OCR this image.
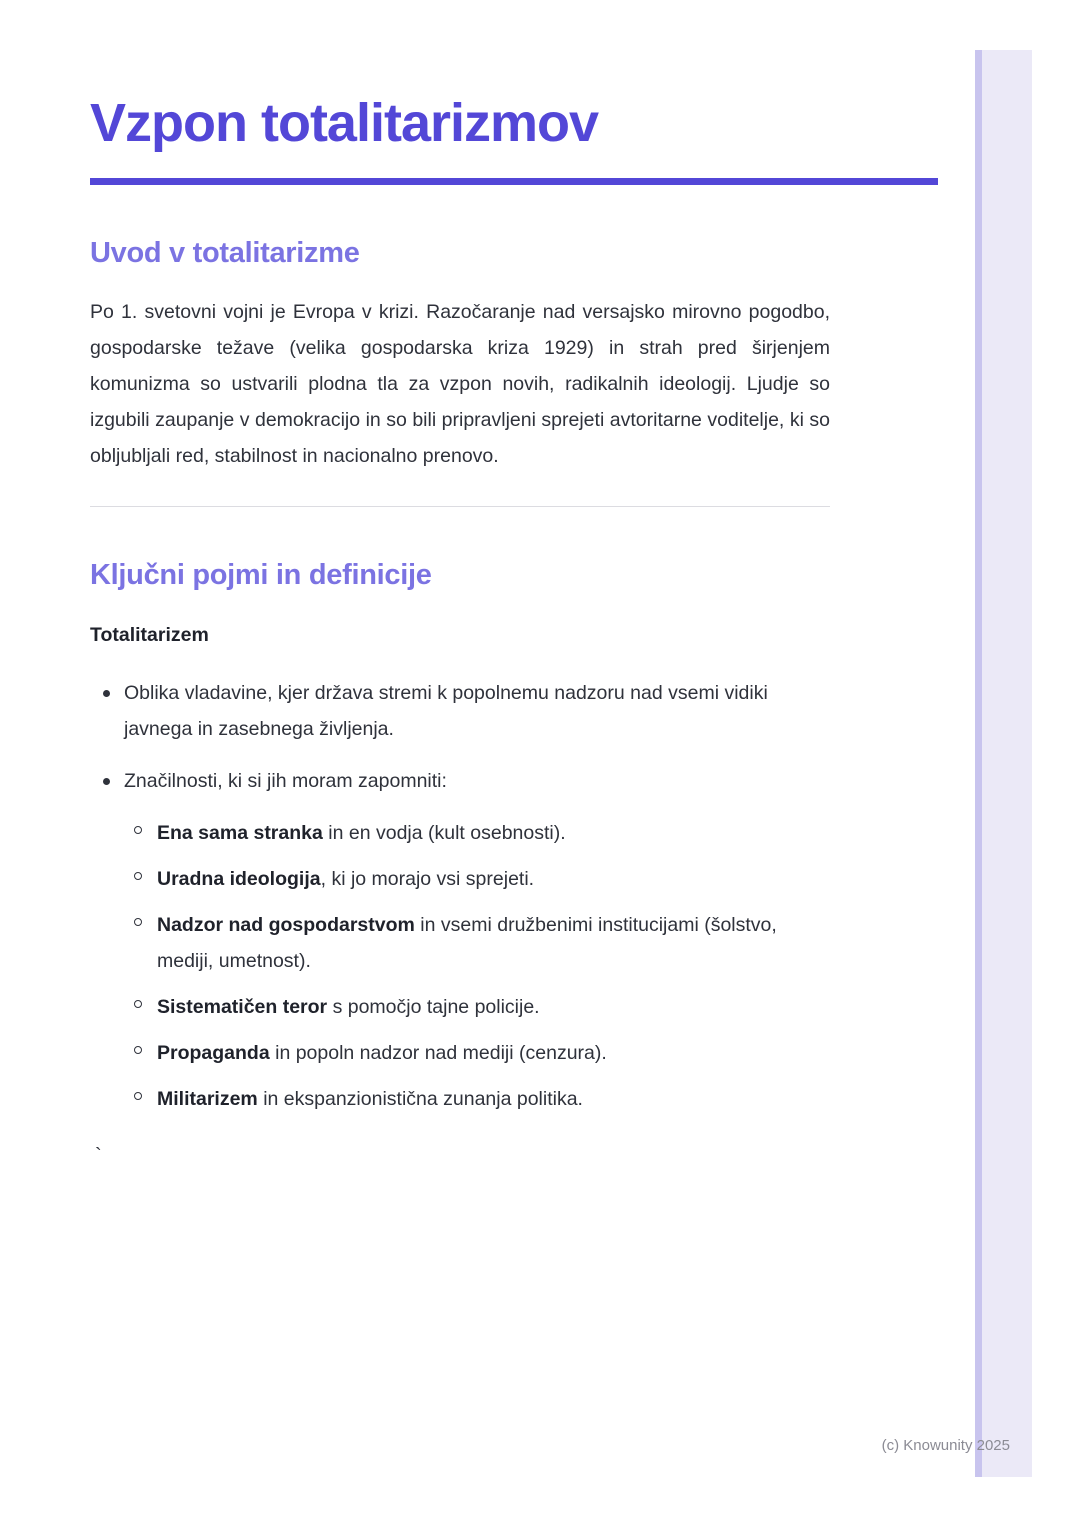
Vzpon totalitarizmov
Uvod v totalitarizme

Po 1. svetovni vojni je Evropa v krizi. Razočaranje nad versajsko mirovno pogodbo, gospodarske težave (velika gospodarska kriza 1929) in strah pred širjenjem komunizma so ustvarili plodna tla za vzpon novih, radikalnih ideologij. Ljudje so izgubili zaupanje v demokracijo in so bili pripravljeni sprejeti avtoritarne voditelje, ki so obljubljali red, stabilnost in nacionalno prenovo.

Ključni pojmi in definicije
Totalitarizem
Oblika vladavine, kjer država stremi k popolnemu nadzoru nad vsemi vidiki javnega in zasebnega življenja.
Značilnosti, ki si jih moram zapomniti:
Ena sama stranka in en vodja (kult osebnosti).
Uradna ideologija, ki jo morajo vsi sprejeti.
Nadzor nad gospodarstvom in vsemi družbenimi institucijami (šolstvo, mediji, umetnost).
Sistematičen teror s pomočjo tajne policije.
Propaganda in popoln nadzor nad mediji (cenzura).
Militarizem in ekspanzionistična zunanja politika.
`
(c) Knowunity 2025
